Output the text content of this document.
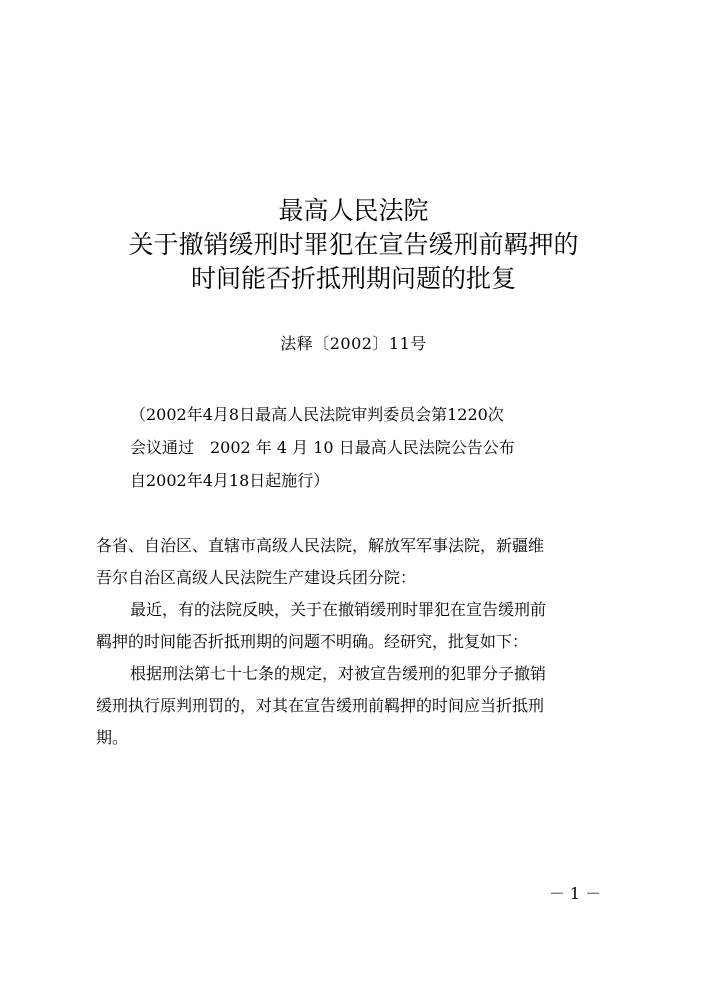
最高人民法院
关于撤销缓刑时罪犯在宣告缓刑前羁押的
时间能否折抵刑期问题的批复
法释〔2002〕11号
（2002年4月8日最高人民法院审判委员会第1220次
会议通过　2002 年 4 月 10 日最高人民法院公告公布
自2002年4月18日起施行）
各省、自治区、直辖市高级人民法院，解放军军事法院，新疆维
吾尔自治区高级人民法院生产建设兵团分院：
最近，有的法院反映，关于在撤销缓刑时罪犯在宣告缓刑前
羁押的时间能否折抵刑期的问题不明确。经研究，批复如下：
根据刑法第七十七条的规定，对被宣告缓刑的犯罪分子撤销
缓刑执行原判刑罚的，对其在宣告缓刑前羁押的时间应当折抵刑
期。
－ 1 －
